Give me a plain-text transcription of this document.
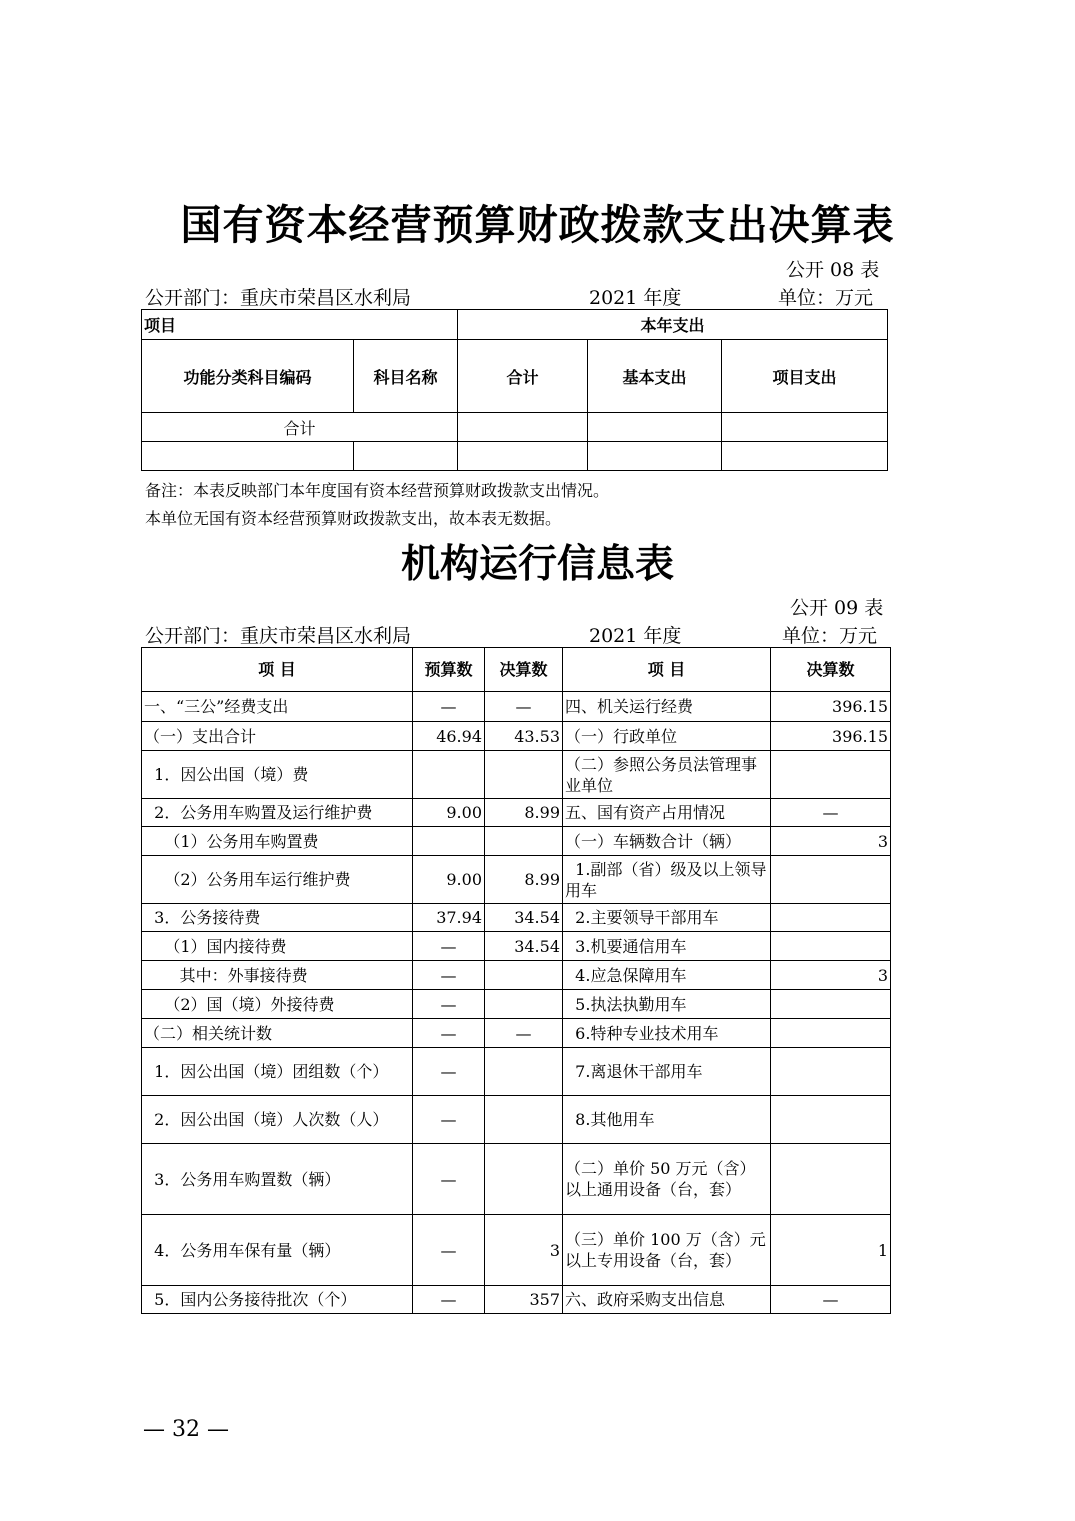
国有资本经营预算财政拨款支出决算表
公开 08 表
公开部门：重庆市荣昌区水利局	2021 年度	单位：万元
项目		本年支出		
功能分类科目编码	科目名称	合计	基本支出	项目支出
合计				

备注：本表反映部门本年度国有资本经营预算财政拨款支出情况。
本单位无国有资本经营预算财政拨款支出，故本表无数据。
机构运行信息表
公开 09 表
公开部门：重庆市荣昌区水利局	2021 年度	单位：万元
项 目	预算数	决算数	项 目	决算数
一、“三公”经费支出	—	—	四、机关运行经费	396.15
（一）支出合计	46.94	43.53	（一）行政单位	396.15
1．因公出国（境）费			（二）参照公务员法管理事业单位	
2．公务用车购置及运行维护费	9.00	8.99	五、国有资产占用情况	—
（1）公务用车购置费			（一）车辆数合计（辆）	3
（2）公务用车运行维护费	9.00	8.99	1.副部（省）级及以上领导用车	
3．公务接待费	37.94	34.54	2.主要领导干部用车	
（1）国内接待费	—	34.54	3.机要通信用车	
其中：外事接待费	—		4.应急保障用车	3
（2）国（境）外接待费	—		5.执法执勤用车	
（二）相关统计数	—	—	6.特种专业技术用车	
1．因公出国（境）团组数（个）	—		7.离退休干部用车	
2．因公出国（境）人次数（人）	—		8.其他用车	
3．公务用车购置数（辆）	—		（二）单价 50 万元（含）以上通用设备（台，套）	
4．公务用车保有量（辆）	—	3	（三）单价 100 万（含）元以上专用设备（台，套）	1
5．国内公务接待批次（个）	—	357	六、政府采购支出信息	—
— 32 —
